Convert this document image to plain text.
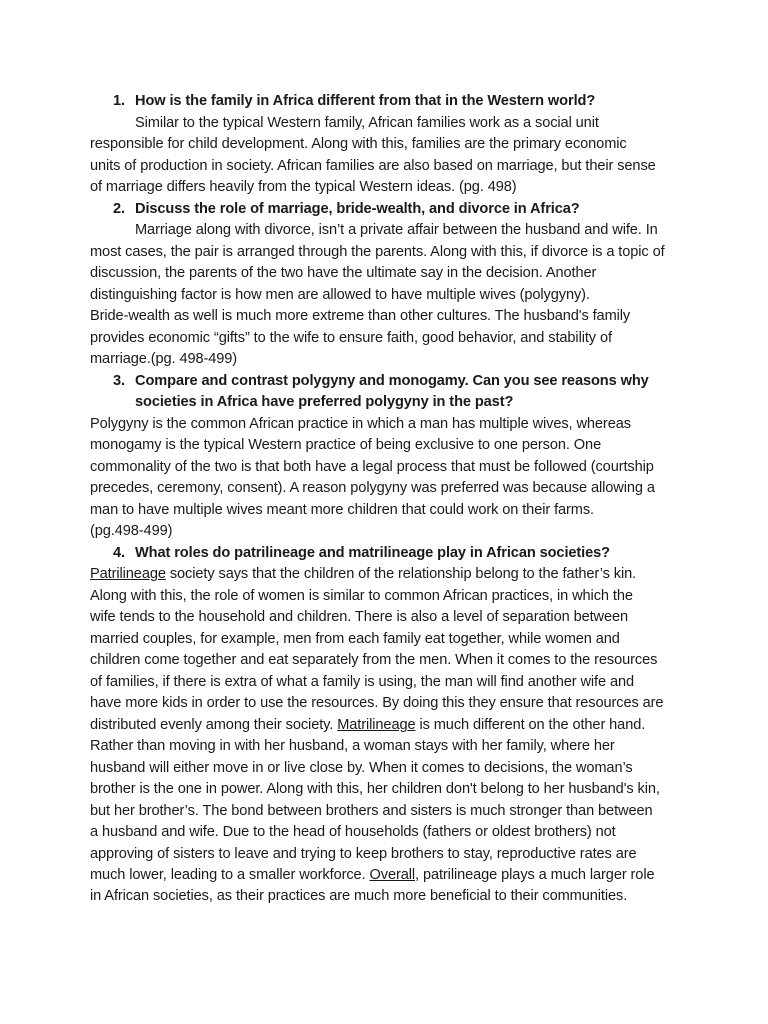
1. How is the family in Africa different from that in the Western world?
Similar to the typical Western family, African families work as a social unit
responsible for child development. Along with this, families are the primary economic
units of production in society. African families are also based on marriage, but their sense
of marriage differs heavily from the typical Western ideas. (pg. 498)
2. Discuss the role of marriage, bride-wealth, and divorce in Africa?
Marriage along with divorce, isn’t a private affair between the husband and wife. In
most cases, the pair is arranged through the parents. Along with this, if divorce is a topic of
discussion, the parents of the two have the ultimate say in the decision. Another
distinguishing factor is how men are allowed to have multiple wives (polygyny).
Bride-wealth as well is much more extreme than other cultures. The husband's family
provides economic “gifts” to the wife to ensure faith, good behavior, and stability of
marriage.(pg. 498-499)
3. Compare and contrast polygyny and monogamy. Can you see reasons why
societies in Africa have preferred polygyny in the past?
Polygyny is the common African practice in which a man has multiple wives, whereas
monogamy is the typical Western practice of being exclusive to one person. One
commonality of the two is that both have a legal process that must be followed (courtship
precedes, ceremony, consent). A reason polygyny was preferred was because allowing a
man to have multiple wives meant more children that could work on their farms.
(pg.498-499)
4. What roles do patrilineage and matrilineage play in African societies?
Patrilineage society says that the children of the relationship belong to the father’s kin.
Along with this, the role of women is similar to common African practices, in which the
wife tends to the household and children. There is also a level of separation between
married couples, for example, men from each family eat together, while women and
children come together and eat separately from the men. When it comes to the resources
of families, if there is extra of what a family is using, the man will find another wife and
have more kids in order to use the resources. By doing this they ensure that resources are
distributed evenly among their society. Matrilineage is much different on the other hand.
Rather than moving in with her husband, a woman stays with her family, where her
husband will either move in or live close by. When it comes to decisions, the woman’s
brother is the one in power. Along with this, her children don't belong to her husband's kin,
but her brother’s. The bond between brothers and sisters is much stronger than between
a husband and wife. Due to the head of households (fathers or oldest brothers) not
approving of sisters to leave and trying to keep brothers to stay, reproductive rates are
much lower, leading to a smaller workforce. Overall, patrilineage plays a much larger role
in African societies, as their practices are much more beneficial to their communities.
